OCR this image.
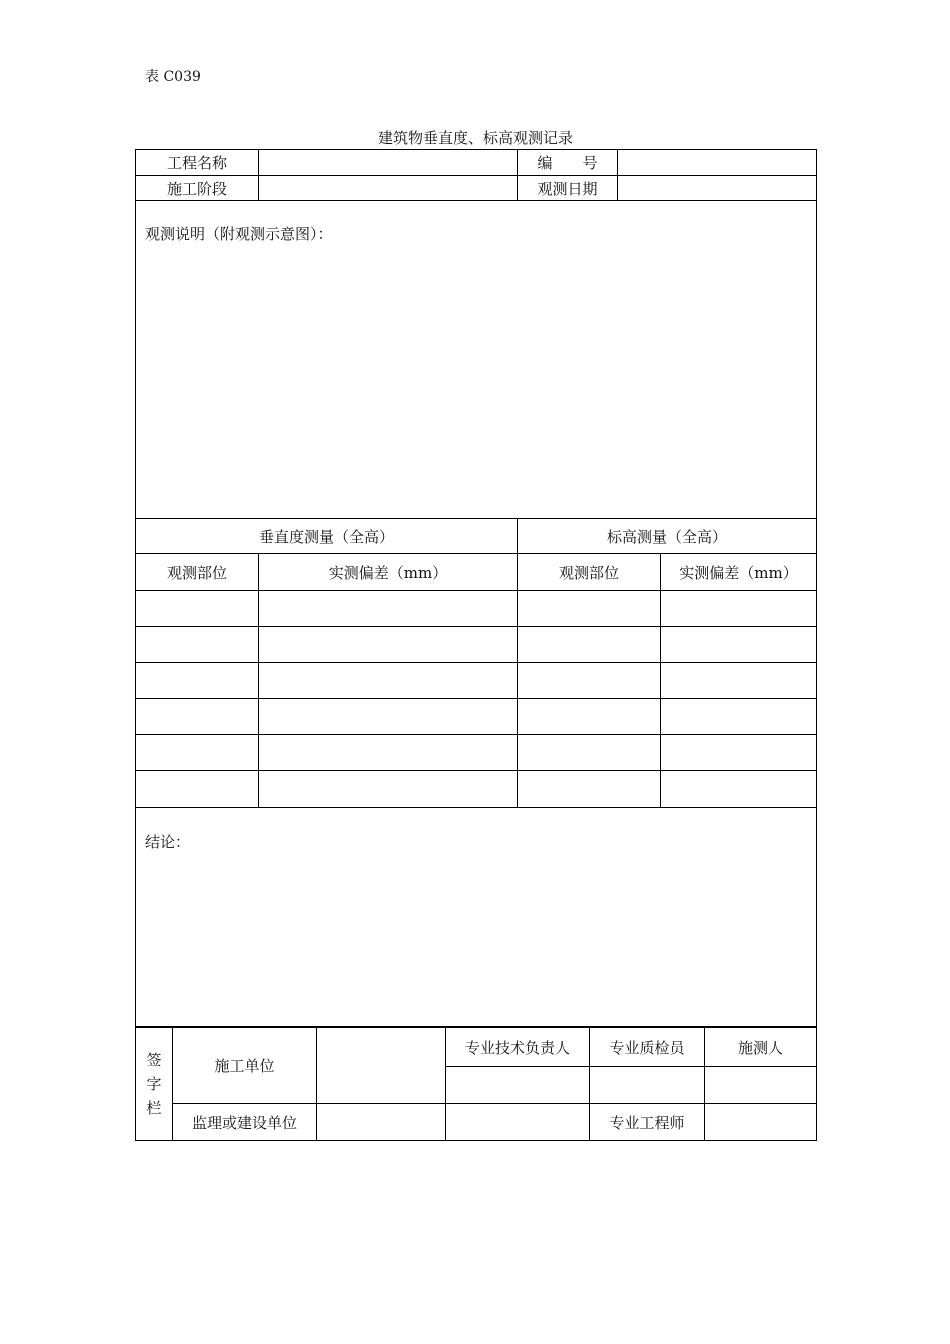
表 C039
建筑物垂直度、标高观测记录
工程名称		编　　号		
施工阶段		观测日期		
观测说明（附观测示意图）：				
垂直度测量（全高）		标高测量（全高）		
观测部位	实测偏差（mm）	观测部位		实测偏差（mm）

结论：				
签
字
栏	施工单位		专业技术负责人	专业质检员	施测人

	监理或建设单位			专业工程师	
